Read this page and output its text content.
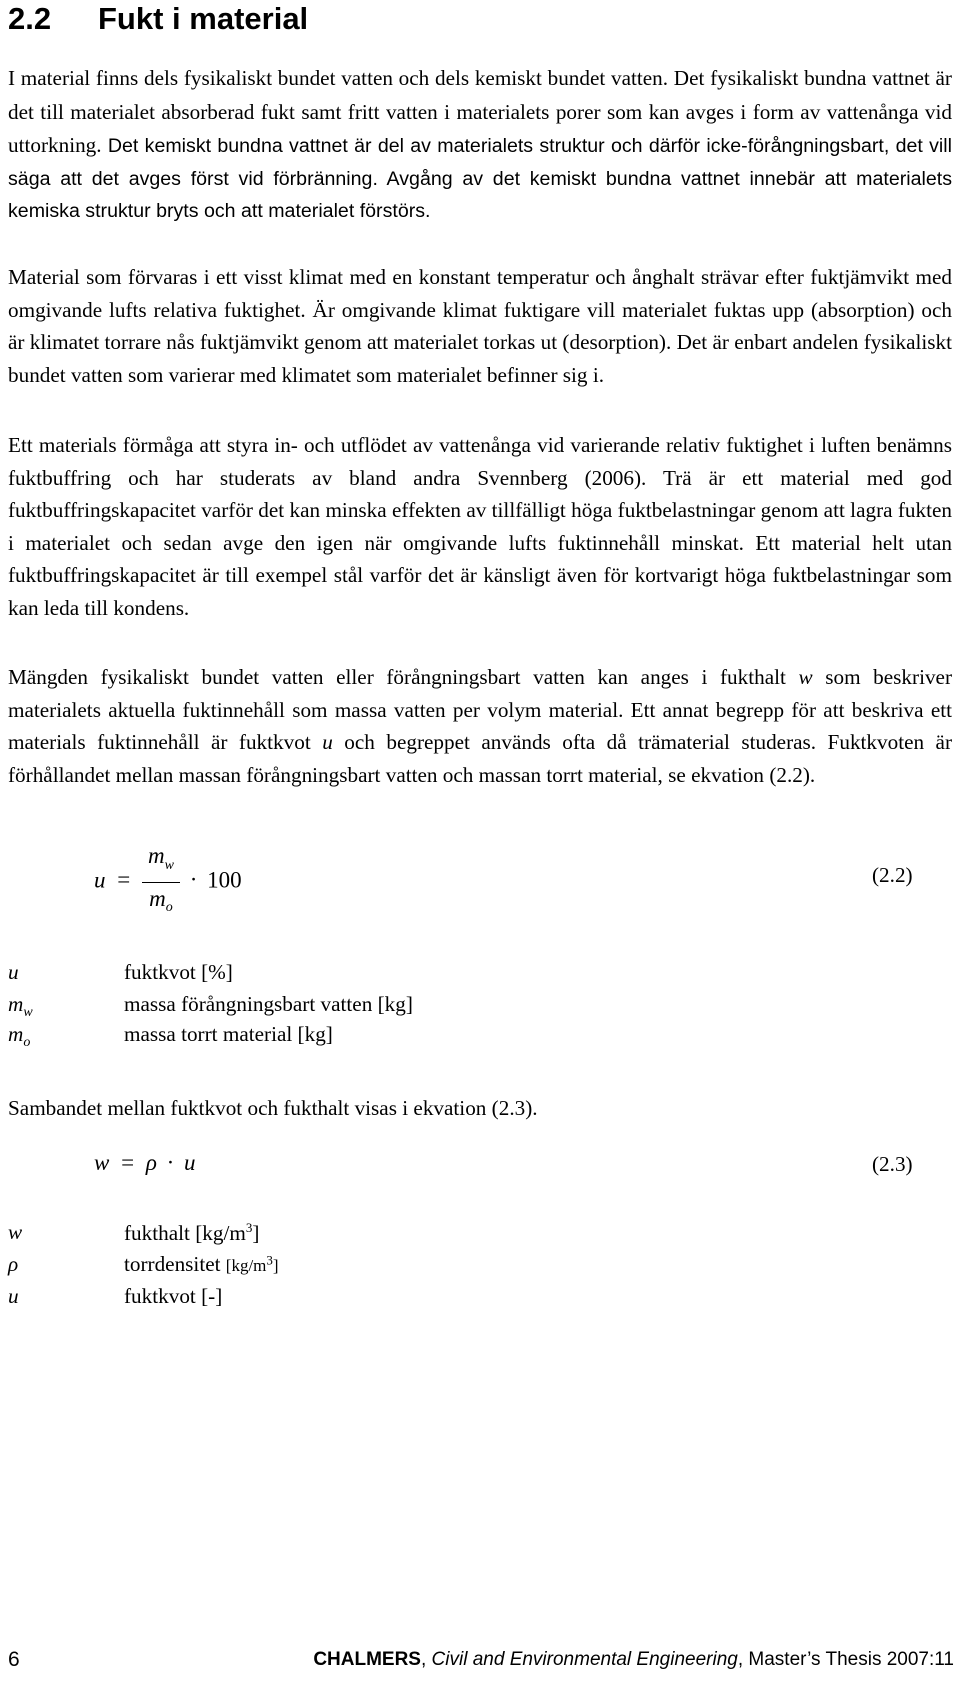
2.2 Fukt i material

I material finns dels fysikaliskt bundet vatten och dels kemiskt bundet vatten. Det fysikaliskt bundna vattnet är det till materialet absorberad fukt samt fritt vatten i materialets porer som kan avges i form av vattenånga vid uttorkning. Det kemiskt bundna vattnet är del av materialets struktur och därför icke-förångningsbart, det vill säga att det avges först vid förbränning. Avgång av det kemiskt bundna vattnet innebär att materialets kemiska struktur bryts och att materialet förstörs.

Material som förvaras i ett visst klimat med en konstant temperatur och ånghalt strävar efter fuktjämvikt med omgivande lufts relativa fuktighet. Är omgivande klimat fuktigare vill materialet fuktas upp (absorption) och är klimatet torrare nås fuktjämvikt genom att materialet torkas ut (desorption). Det är enbart andelen fysikaliskt bundet vatten som varierar med klimatet som materialet befinner sig i.

Ett materials förmåga att styra in- och utflödet av vattenånga vid varierande relativ fuktighet i luften benämns fuktbuffring och har studerats av bland andra Svennberg (2006). Trä är ett material med god fuktbuffringskapacitet varför det kan minska effekten av tillfälligt höga fuktbelastningar genom att lagra fukten i materialet och sedan avge den igen när omgivande lufts fuktinnehåll minskat. Ett material helt utan fuktbuffringskapacitet är till exempel stål varför det är känsligt även för kortvarigt höga fuktbelastningar som kan leda till kondens.

Mängden fysikaliskt bundet vatten eller förångningsbart vatten kan anges i fukthalt w som beskriver materialets aktuella fuktinnehåll som massa vatten per volym material. Ett annat begrepp för att beskriva ett materials fuktinnehåll är fuktkvot u och begreppet används ofta då trämaterial studeras. Fuktkvoten är förhållandet mellan massan förångningsbart vatten och massan torrt material, se ekvation (2.2).

$u = \frac{m_w}{m_o} \cdot 100$	(2.2)
u	fuktkvot [%]
$m_w$	massa förångningsbart vatten [kg]
$m_o$	massa torrt material [kg]

Sambandet mellan fuktkvot och fukthalt visas i ekvation (2.3).

w = ρ · u	(2.3)
w	fukthalt $[kg/m^3]$
ρ	torrdensitet $[kg/m^3]$
u	fuktkvot [-]
6	CHALMERS, Civil and Environmental Engineering, Master’s Thesis 2007:11
